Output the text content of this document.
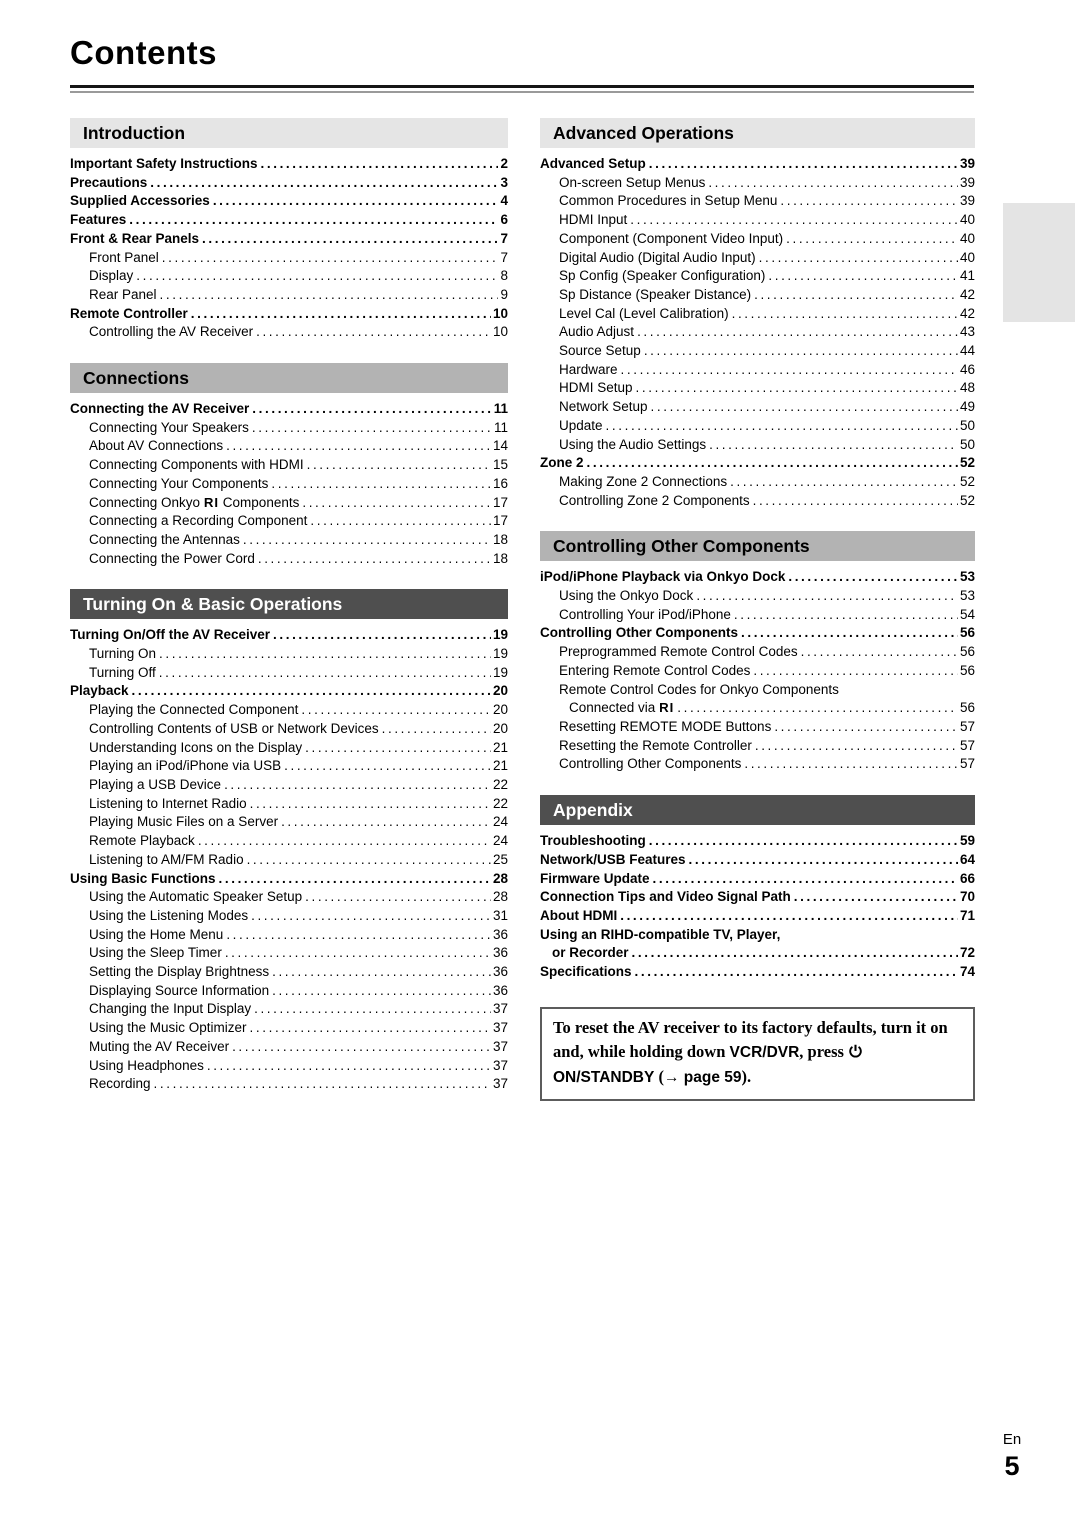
Contents
Introduction
Important Safety Instructions .....	2
Precautions .....	3
Supplied Accessories .....	4
Features .....	6
Front & Rear Panels .....	7
Front Panel .....	7
Display .....	8
Rear Panel .....	9
Remote Controller .....	10
Controlling the AV Receiver .....	10
Connections
Connecting the AV Receiver .....	11
Connecting Your Speakers .....	11
About AV Connections .....	14
Connecting Components with HDMI .....	15
Connecting Your Components .....	16
Connecting Onkyo RI Components .....	17
Connecting a Recording Component .....	17
Connecting the Antennas .....	18
Connecting the Power Cord .....	18
Turning On & Basic Operations
Turning On/Off the AV Receiver .....	19
Turning On .....	19
Turning Off .....	19
Playback .....	20
Playing the Connected Component .....	20
Controlling Contents of USB or Network Devices .....	20
Understanding Icons on the Display .....	21
Playing an iPod/iPhone via USB .....	21
Playing a USB Device .....	22
Listening to Internet Radio .....	22
Playing Music Files on a Server .....	24
Remote Playback .....	24
Listening to AM/FM Radio .....	25
Using Basic Functions .....	28
Using the Automatic Speaker Setup .....	28
Using the Listening Modes .....	31
Using the Home Menu .....	36
Using the Sleep Timer .....	36
Setting the Display Brightness .....	36
Displaying Source Information .....	36
Changing the Input Display .....	37
Using the Music Optimizer .....	37
Muting the AV Receiver .....	37
Using Headphones .....	37
Recording .....	37
Advanced Operations
Advanced Setup .....	39
On-screen Setup Menus .....	39
Common Procedures in Setup Menu .....	39
HDMI Input .....	40
Component (Component Video Input) .....	40
Digital Audio (Digital Audio Input) .....	40
Sp Config (Speaker Configuration) .....	41
Sp Distance (Speaker Distance) .....	42
Level Cal (Level Calibration) .....	42
Audio Adjust .....	43
Source Setup .....	44
Hardware .....	46
HDMI Setup .....	48
Network Setup .....	49
Update .....	50
Using the Audio Settings .....	50
Zone 2 .....	52
Making Zone 2 Connections .....	52
Controlling Zone 2 Components .....	52
Controlling Other Components
iPod/iPhone Playback via Onkyo Dock .....	53
Using the Onkyo Dock .....	53
Controlling Your iPod/iPhone .....	54
Controlling Other Components .....	56
Preprogrammed Remote Control Codes .....	56
Entering Remote Control Codes .....	56
Remote Control Codes for Onkyo Components
Connected via RI .....	56
Resetting REMOTE MODE Buttons .....	57
Resetting the Remote Controller .....	57
Controlling Other Components .....	57
Appendix
Troubleshooting .....	59
Network/USB Features .....	64
Firmware Update .....	66
Connection Tips and Video Signal Path .....	70
About HDMI .....	71
Using an RIHD-compatible TV, Player,
or Recorder .....	72
Specifications .....	74
To reset the AV receiver to its factory defaults, turn it on and, while holding down VCR/DVR, press ON/STANDBY (→ page 59).
En
5
